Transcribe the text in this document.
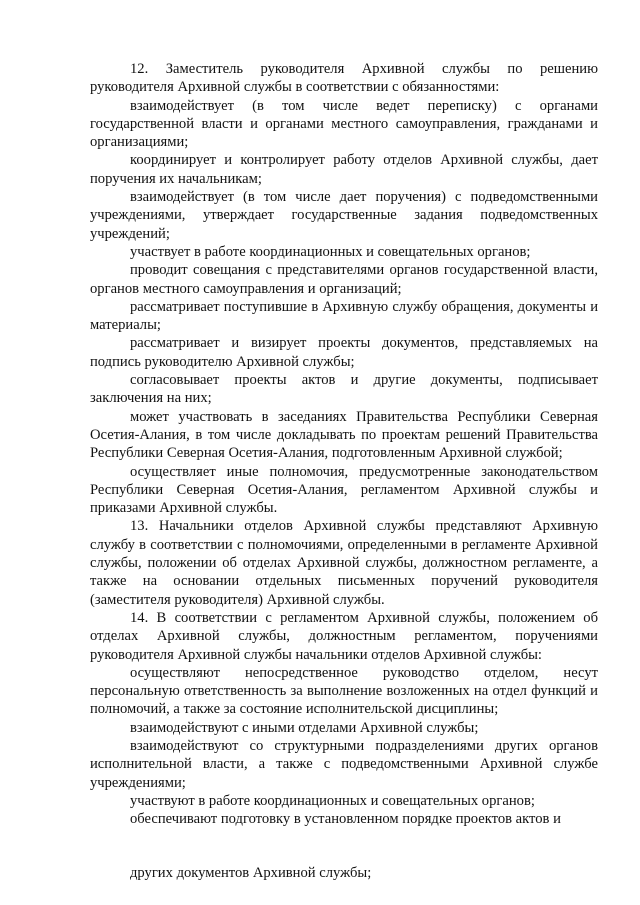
12. Заместитель руководителя Архивной службы по решению руководителя Архивной службы в соответствии с обязанностями:

взаимодействует (в том числе ведет переписку) с органами государственной власти и органами местного самоуправления, гражданами и организациями;

координирует и контролирует работу отделов Архивной службы, дает поручения их начальникам;

взаимодействует (в том числе дает поручения) с подведомственными учреждениями, утверждает государственные задания подведомственных учреждений;

участвует в работе координационных и совещательных органов;

проводит совещания с представителями органов государственной власти, органов местного самоуправления и организаций;

рассматривает поступившие в Архивную службу обращения, документы и материалы;

рассматривает и визирует проекты документов, представляемых на подпись руководителю Архивной службы;

согласовывает проекты актов и другие документы, подписывает заключения на них;

может участвовать в заседаниях Правительства Республики Северная Осетия-Алания, в том числе докладывать по проектам решений Правительства Республики Северная Осетия-Алания, подготовленным Архивной службой;

осуществляет иные полномочия, предусмотренные законодательством Республики Северная Осетия-Алания, регламентом Архивной службы и приказами Архивной службы.

13. Начальники отделов Архивной службы представляют Архивную службу в соответствии с полномочиями, определенными в регламенте Архивной службы, положении об отделах Архивной службы, должностном регламенте, а также на основании отдельных письменных поручений руководителя (заместителя руководителя) Архивной службы.

14. В соответствии с регламентом Архивной службы, положением об отделах Архивной службы, должностным регламентом, поручениями руководителя Архивной службы начальники отделов Архивной службы:

осуществляют непосредственное руководство отделом, несут персональную ответственность за выполнение возложенных на отдел функций и полномочий, а также за состояние исполнительской дисциплины;

взаимодействуют с иными отделами Архивной службы;

взаимодействуют со структурными подразделениями других органов исполнительной власти, а также с подведомственными Архивной службе учреждениями;

участвуют в работе координационных и совещательных органов;

обеспечивают подготовку в установленном порядке проектов актов и

других документов Архивной службы;
